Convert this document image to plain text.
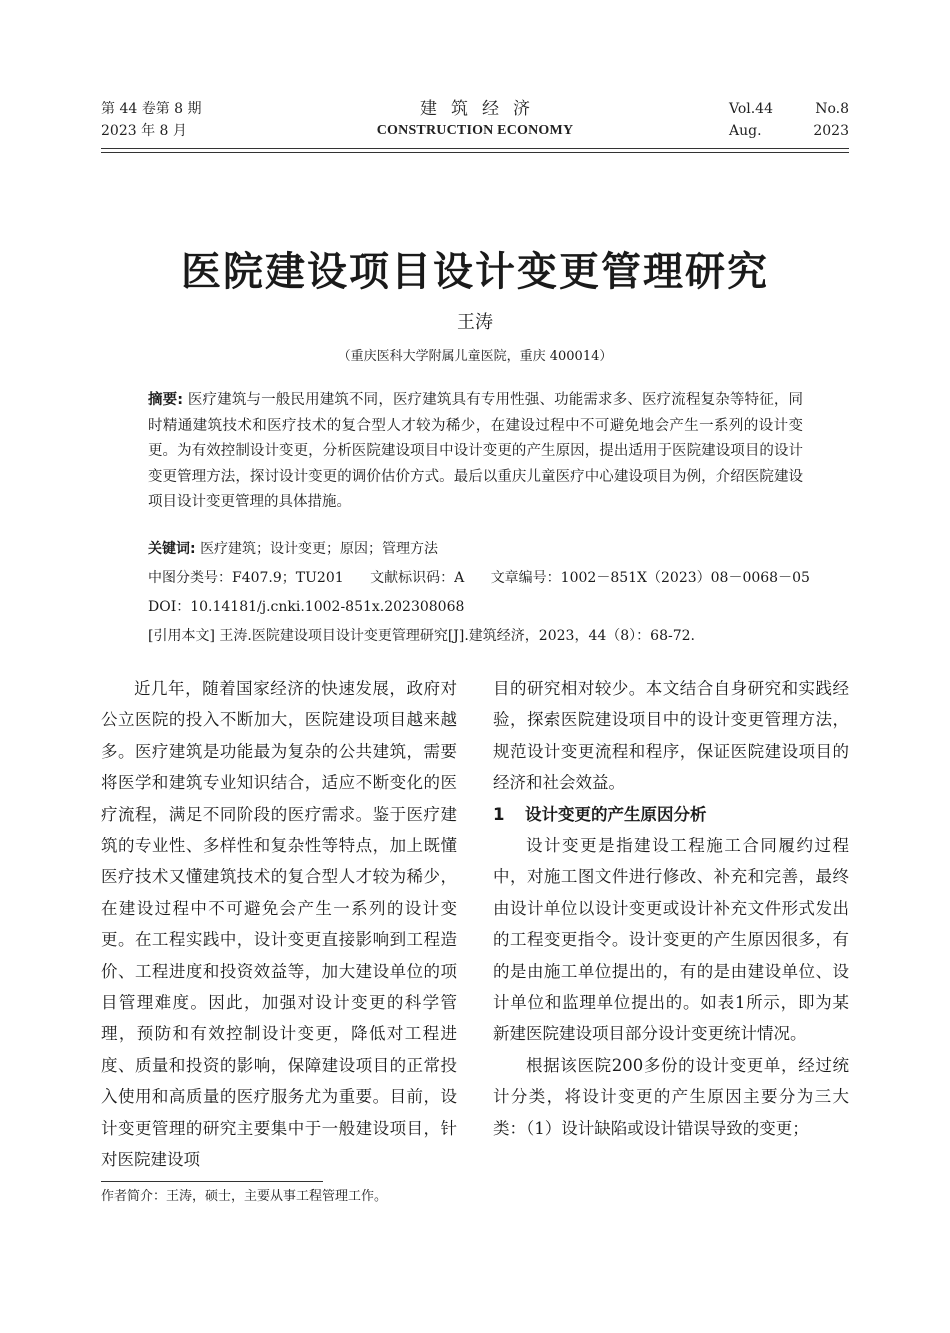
第 44 卷第 8 期
2023 年 8 月
建筑经济
CONSTRUCTION ECONOMY
Vol.44	No.8
Aug.	2023
医院建设项目设计变更管理研究
王涛
（重庆医科大学附属儿童医院，重庆 400014）
摘要: 医疗建筑与一般民用建筑不同，医疗建筑具有专用性强、功能需求多、医疗流程复杂等特征，同时精通建筑技术和医疗技术的复合型人才较为稀少，在建设过程中不可避免地会产生一系列的设计变更。为有效控制设计变更，分析医院建设项目中设计变更的产生原因，提出适用于医院建设项目的设计变更管理方法，探讨设计变更的调价估价方式。最后以重庆儿童医疗中心建设项目为例，介绍医院建设项目设计变更管理的具体措施。
关键词: 医疗建筑；设计变更；原因；管理方法
中图分类号：F407.9；TU201 文献标识码：A 文章编号：1002－851X（2023）08－0068－05
DOI：10.14181/j.cnki.1002-851x.202308068
[引用本文] 王涛.医院建设项目设计变更管理研究[J].建筑经济，2023，44（8）：68-72.

近几年，随着国家经济的快速发展，政府对公立医院的投入不断加大，医院建设项目越来越多。医疗建筑是功能最为复杂的公共建筑，需要将医学和建筑专业知识结合，适应不断变化的医疗流程，满足不同阶段的医疗需求。鉴于医疗建筑的专业性、多样性和复杂性等特点，加上既懂医疗技术又懂建筑技术的复合型人才较为稀少，在建设过程中不可避免会产生一系列的设计变更。在工程实践中，设计变更直接影响到工程造价、工程进度和投资效益等，加大建设单位的项目管理难度。因此，加强对设计变更的科学管理，预防和有效控制设计变更，降低对工程进度、质量和投资的影响，保障建设项目的正常投入使用和高质量的医疗服务尤为重要。目前，设计变更管理的研究主要集中于一般建设项目，针对医院建设项

目的研究相对较少。本文结合自身研究和实践经验，探索医院建设项目中的设计变更管理方法，规范设计变更流程和程序，保证医院建设项目的经济和社会效益。

1 设计变更的产生原因分析

设计变更是指建设工程施工合同履约过程中，对施工图文件进行修改、补充和完善，最终由设计单位以设计变更或设计补充文件形式发出的工程变更指令。设计变更的产生原因很多，有的是由施工单位提出的，有的是由建设单位、设计单位和监理单位提出的。如表1所示，即为某新建医院建设项目部分设计变更统计情况。

根据该医院200多份的设计变更单，经过统计分类，将设计变更的产生原因主要分为三大类：（1）设计缺陷或设计错误导致的变更；

作者简介：王涛，硕士，主要从事工程管理工作。
